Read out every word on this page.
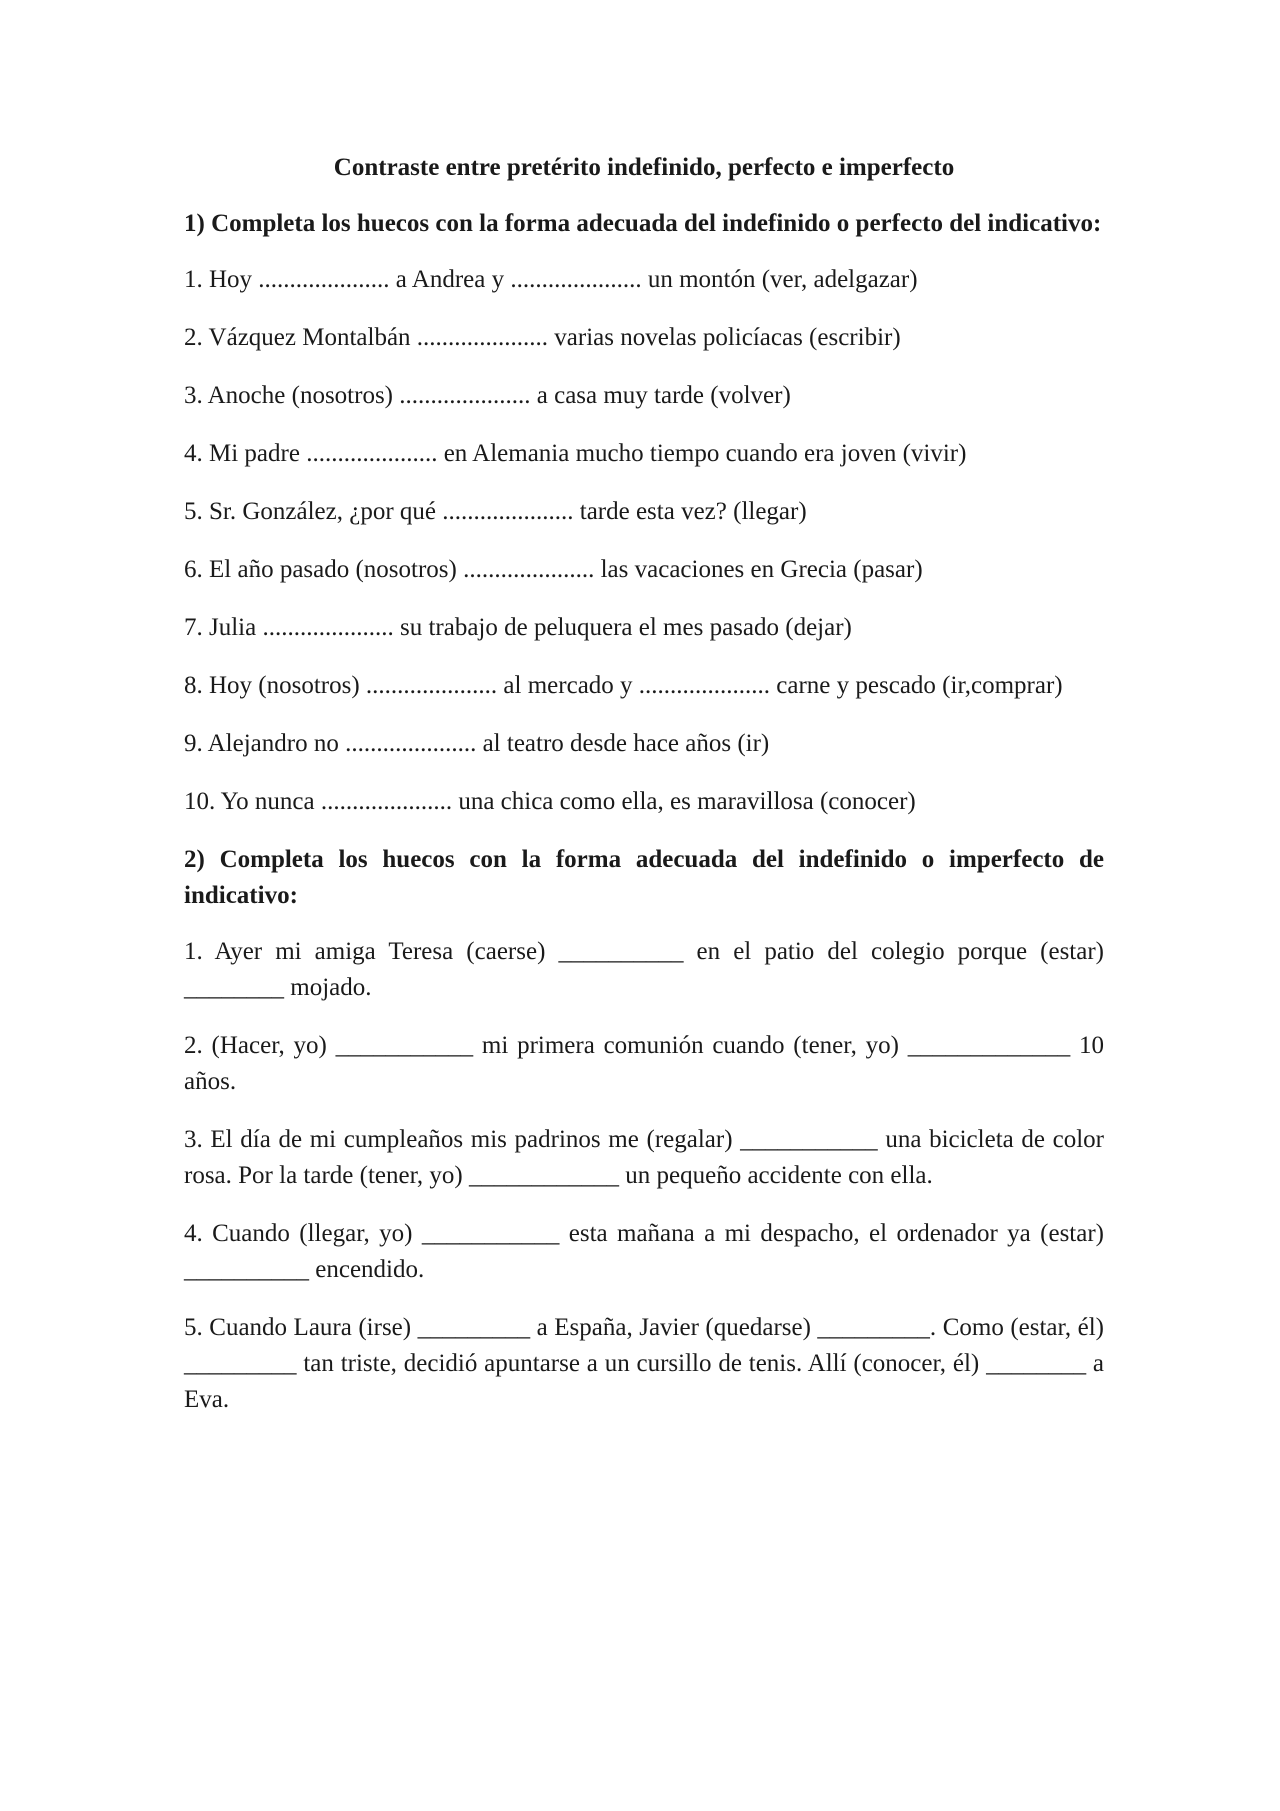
Contraste entre pretérito indefinido, perfecto e imperfecto
1) Completa los huecos con la forma adecuada del indefinido o perfecto del indicativo:
1. Hoy ..................... a Andrea y ..................... un montón (ver, adelgazar)
2. Vázquez Montalbán ..................... varias novelas policíacas (escribir)
3. Anoche (nosotros) ..................... a casa muy tarde (volver)
4. Mi padre ..................... en Alemania mucho tiempo cuando era joven (vivir)
5. Sr. González, ¿por qué ..................... tarde esta vez? (llegar)
6. El año pasado (nosotros) ..................... las vacaciones en Grecia (pasar)
7. Julia ..................... su trabajo de peluquera el mes pasado (dejar)
8. Hoy (nosotros) ..................... al mercado y ..................... carne y pescado (ir,comprar)
9. Alejandro no ..................... al teatro desde hace años (ir)
10. Yo nunca ..................... una chica como ella, es maravillosa (conocer)
2) Completa los huecos con la forma adecuada del indefinido o imperfecto de indicativo:
1. Ayer mi amiga Teresa (caerse) __________ en el patio del colegio porque (estar) ________ mojado.
2. (Hacer, yo) ___________ mi primera comunión cuando (tener, yo) _____________ 10 años.
3. El día de mi cumpleaños mis padrinos me (regalar) ___________ una bicicleta de color rosa. Por la tarde (tener, yo) ____________ un pequeño accidente con ella.
4. Cuando (llegar, yo) ___________ esta mañana a mi despacho, el ordenador ya (estar) __________ encendido.
5. Cuando Laura (irse) _________ a España, Javier (quedarse) _________. Como (estar, él) _________ tan triste, decidió apuntarse a un cursillo de tenis. Allí (conocer, él) ________ a Eva.
